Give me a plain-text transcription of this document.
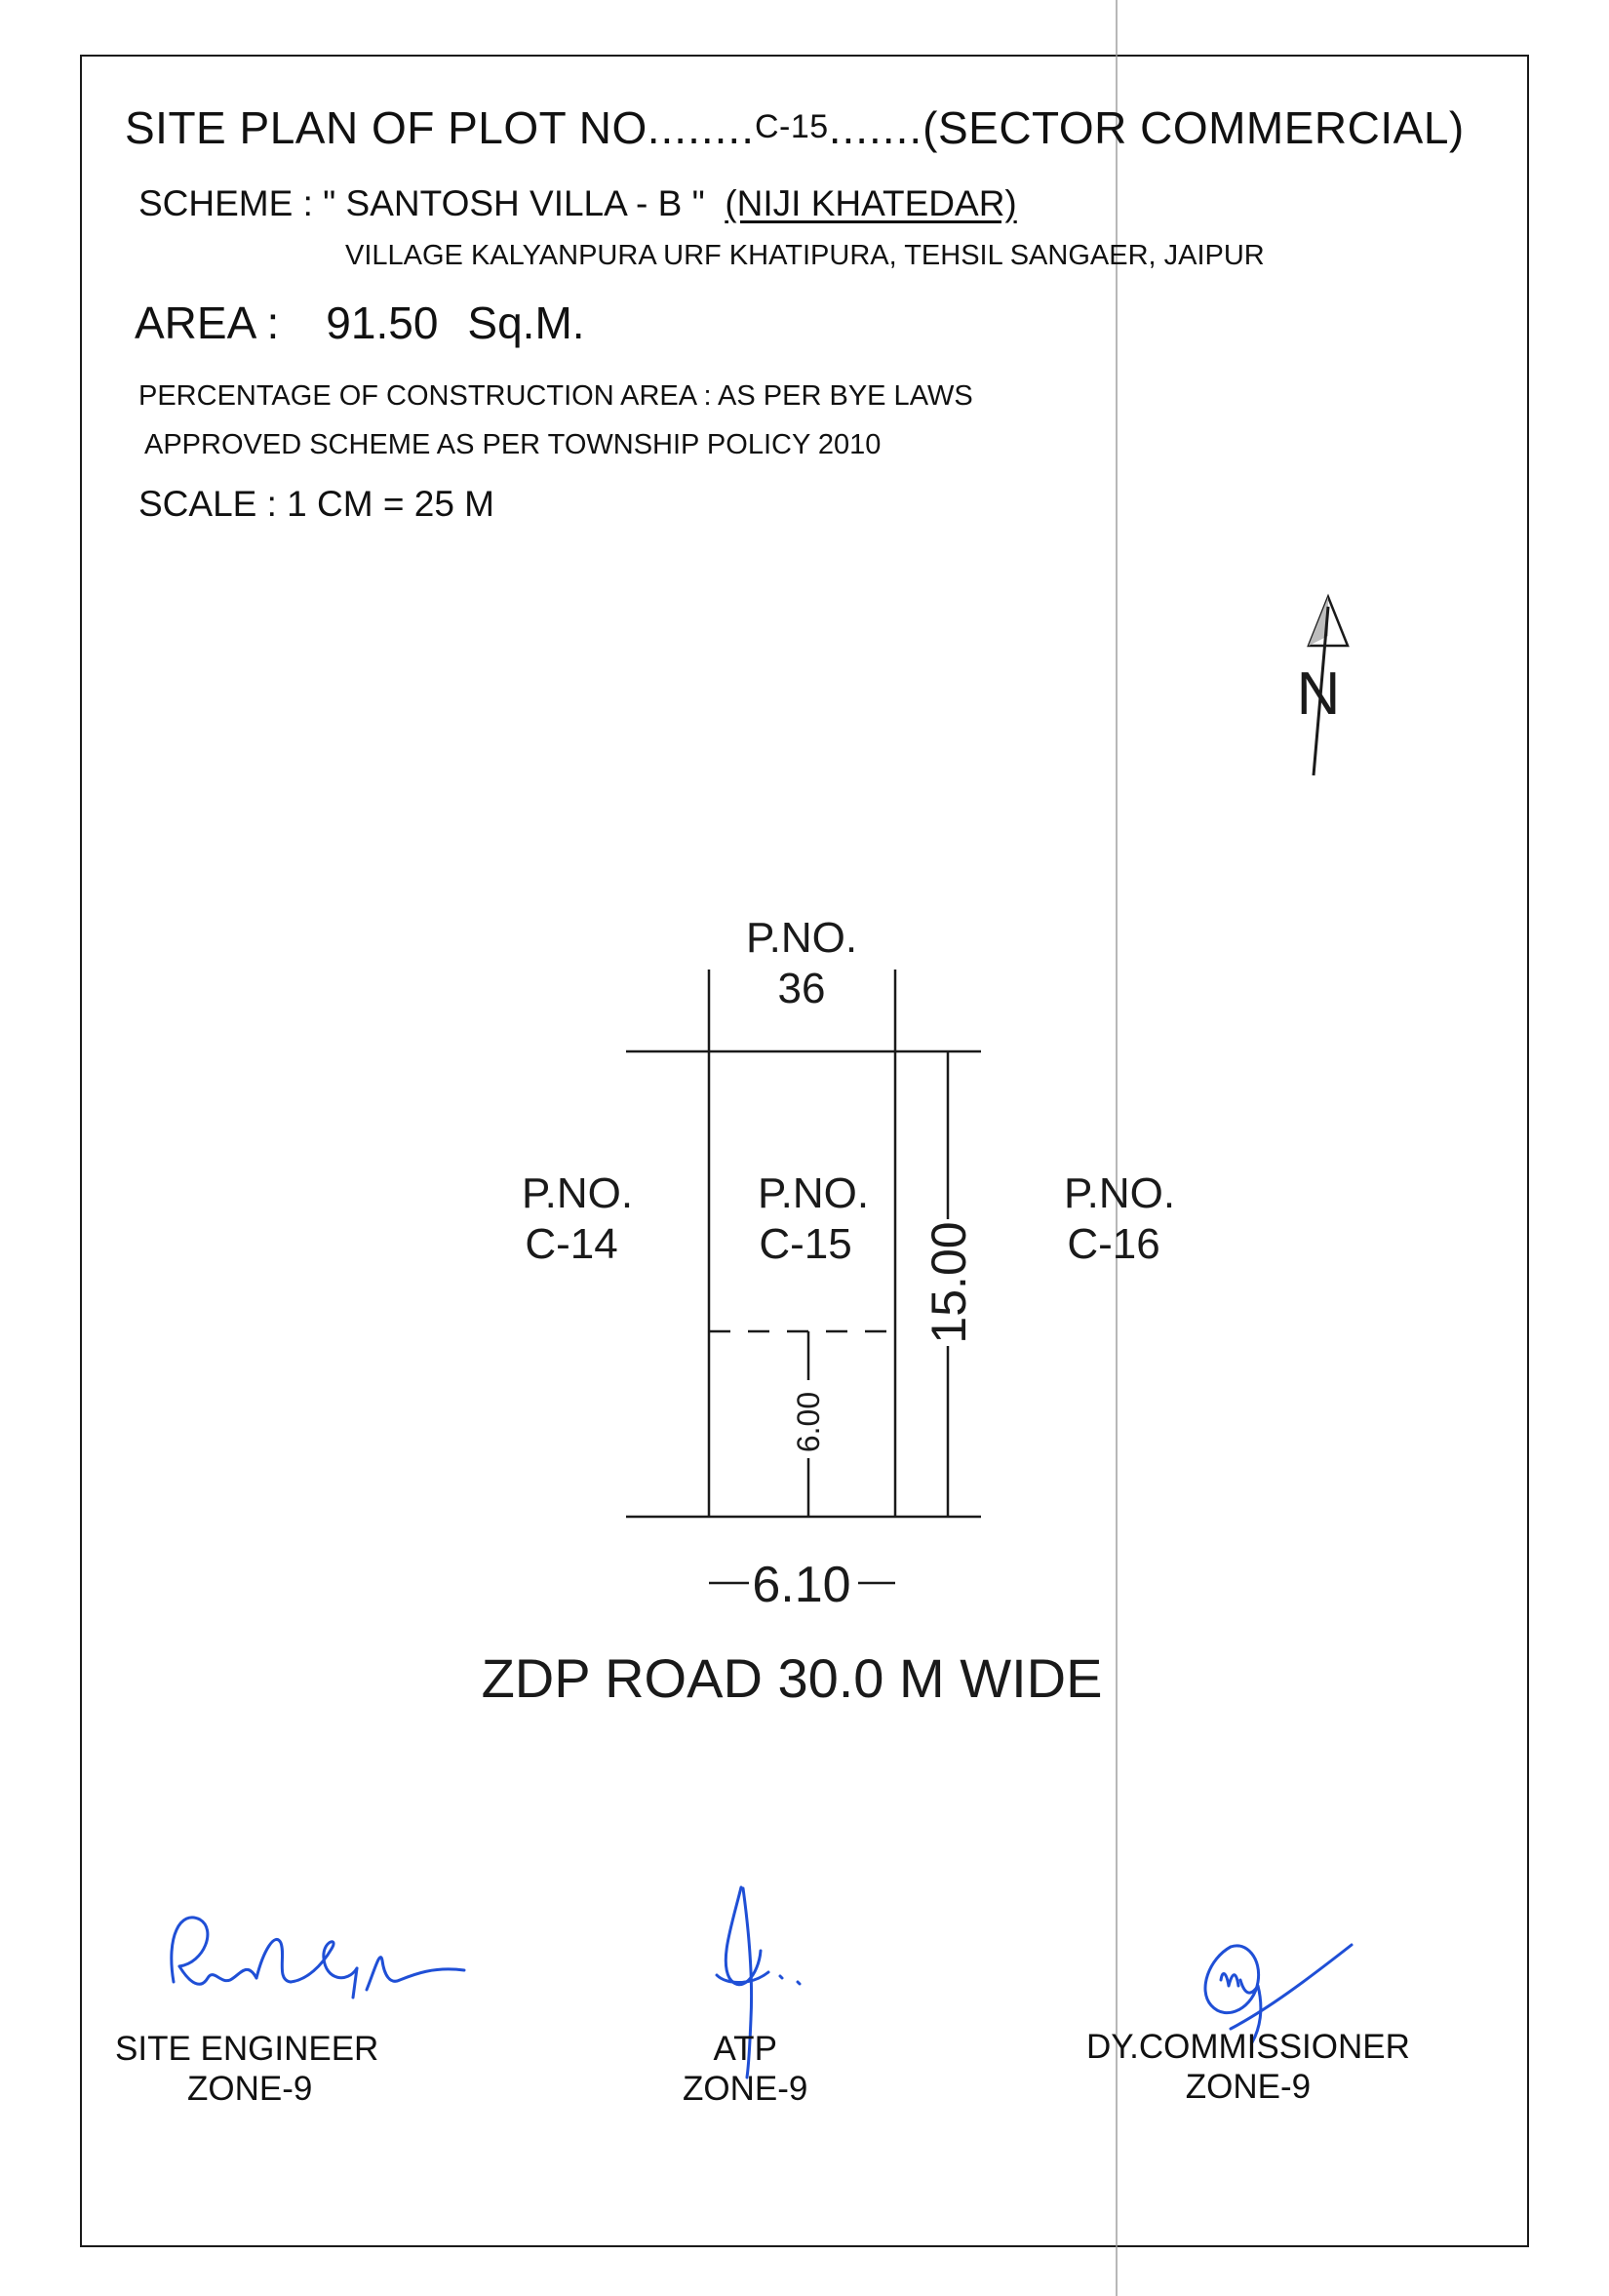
SITE PLAN OF PLOT NO........C-15.......(SECTOR COMMERCIAL)
SCHEME : " SANTOSH VILLA - B " (NIJI KHATEDAR)
VILLAGE KALYANPURA URF KHATIPURA, TEHSIL SANGAER, JAIPUR
AREA : 91.50 Sq.M.
PERCENTAGE OF CONSTRUCTION AREA : AS PER BYE LAWS
APPROVED SCHEME AS PER TOWNSHIP POLICY 2010
SCALE : 1 CM = 25 M
N
15.00
6.00
6.10
P.NO.
36
P.NO.
C-14
P.NO.
C-15
P.NO.
C-16
ZDP ROAD 30.0 M WIDE
SITE ENGINEER
ZONE-9
ATP
ZONE-9
DY.COMMISSIONER
ZONE-9
